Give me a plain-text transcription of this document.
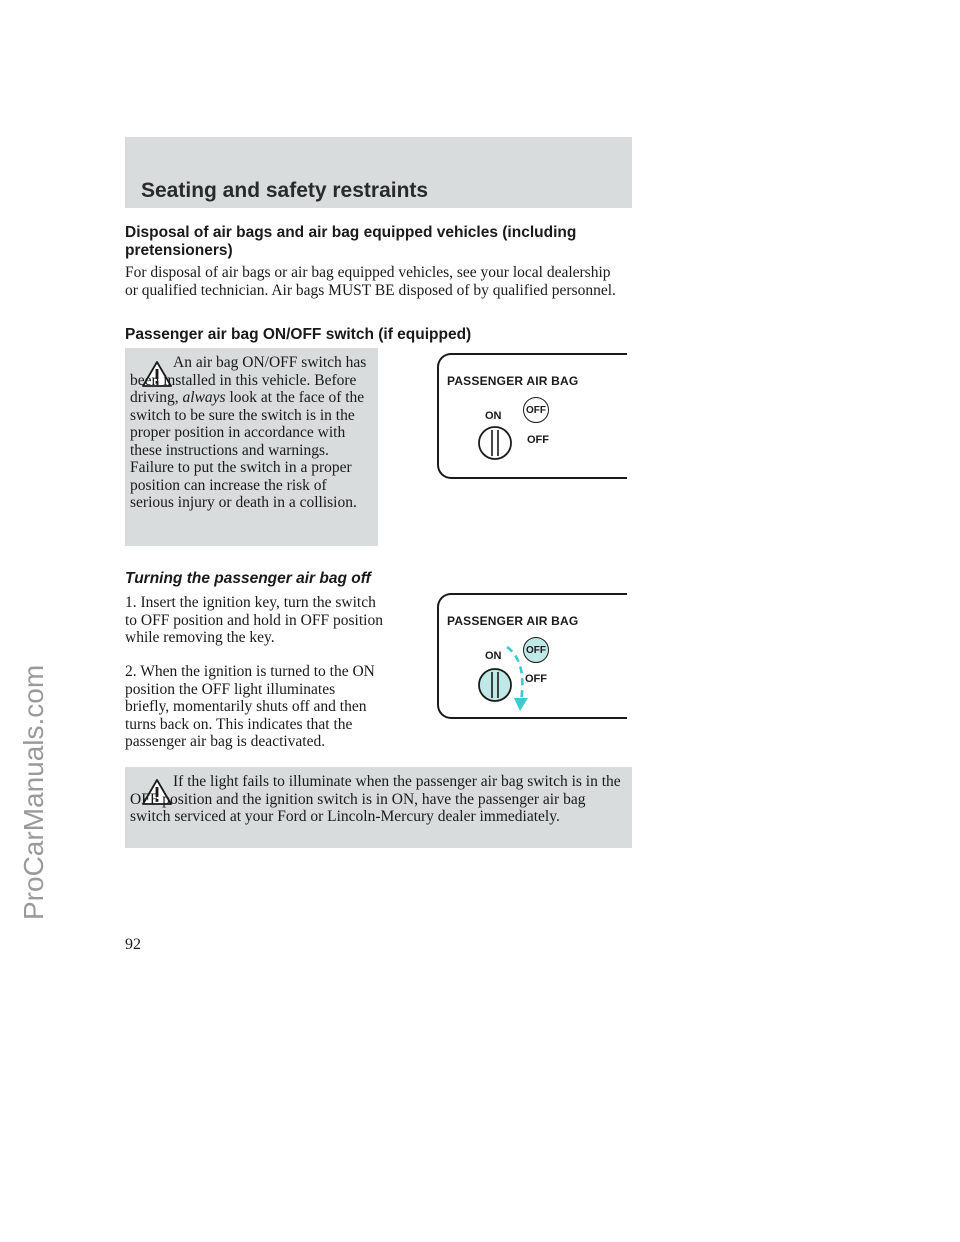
ProCarManuals.com
Seating and safety restraints
Disposal of air bags and air bag equipped vehicles (including pretensioners)

For disposal of air bags or air bag equipped vehicles, see your local dealership or qualified technician. Air bags MUST BE disposed of by qualified personnel.

Passenger air bag ON/OFF switch (if equipped)

An air bag ON/OFF switch has been installed in this vehicle. Before driving, always look at the face of the switch to be sure the switch is in the proper position in accordance with these instructions and warnings. Failure to put the switch in a proper position can increase the risk of serious injury or death in a collision.

PASSENGER AIR BAG
ON	OFF
OFF
Turning the passenger air bag off

1. Insert the ignition key, turn the switch to OFF position and hold in OFF position while removing the key.

2. When the ignition is turned to the ON position the OFF light illuminates briefly, momentarily shuts off and then turns back on. This indicates that the passenger air bag is deactivated.

PASSENGER AIR BAG
ON	OFF
OFF

If the light fails to illuminate when the passenger air bag switch is in the OFF position and the ignition switch is in ON, have the passenger air bag switch serviced at your Ford or Lincoln-Mercury dealer immediately.

92
